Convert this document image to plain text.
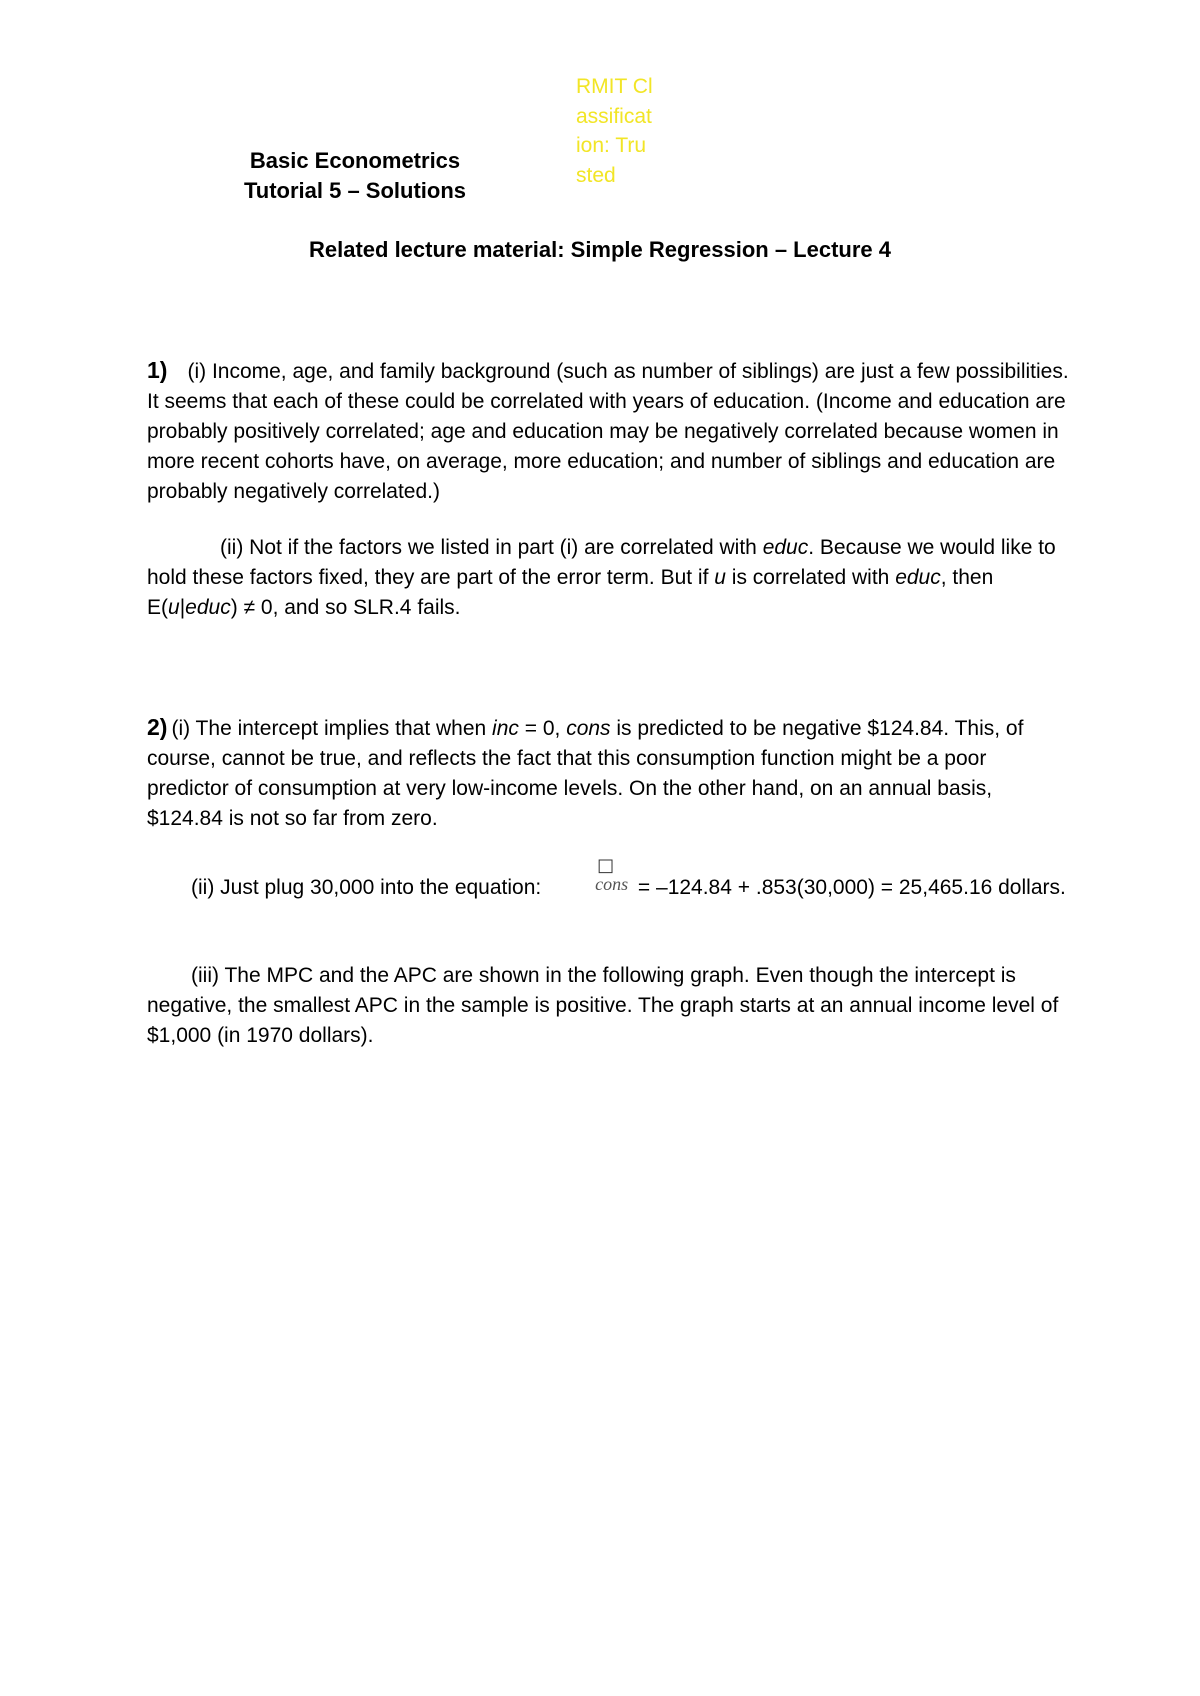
Basic Econometrics
Tutorial 5 – Solutions
RMIT Classification: Trusted
Related lecture material: Simple Regression – Lecture 4

1) (i) Income, age, and family background (such as number of siblings) are just a few possibilities. It seems that each of these could be correlated with years of education. (Income and education are probably positively correlated; age and education may be negatively correlated because women in more recent cohorts have, on average, more education; and number of siblings and education are probably negatively correlated.)

(ii) Not if the factors we listed in part (i) are correlated with educ. Because we would like to hold these factors fixed, they are part of the error term. But if u is correlated with educ, then E(u|educ) ≠ 0, and so SLR.4 fails.

2) (i) The intercept implies that when inc = 0, cons is predicted to be negative $124.84. This, of course, cannot be true, and reflects the fact that this consumption function might be a poor predictor of consumption at very low-income levels. On the other hand, on an annual basis, $124.84 is not so far from zero.

(ii) Just plug 30,000 into the equation:
□
cons = –124.84 + .853(30,000) = 25,465.16 dollars.

(iii) The MPC and the APC are shown in the following graph. Even though the intercept is negative, the smallest APC in the sample is positive. The graph starts at an annual income level of $1,000 (in 1970 dollars).
